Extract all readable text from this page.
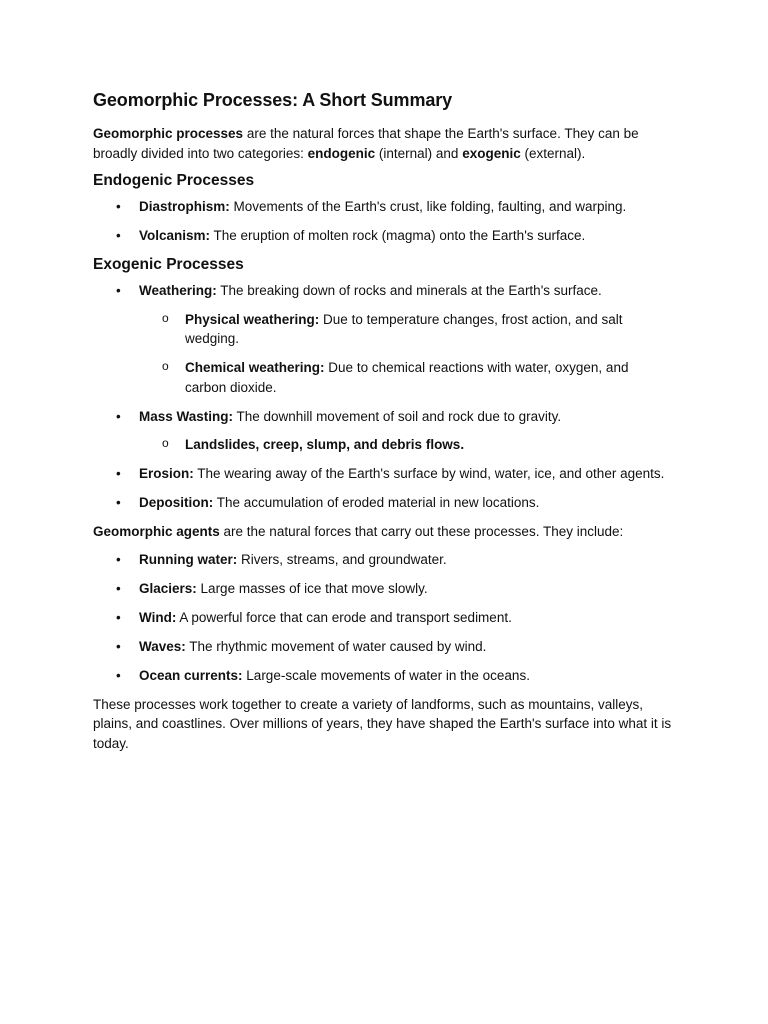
Geomorphic Processes: A Short Summary

Geomorphic processes are the natural forces that shape the Earth's surface. They can be broadly divided into two categories: endogenic (internal) and exogenic (external).

Endogenic Processes
•	Diastrophism: Movements of the Earth's crust, like folding, faulting, and warping.
•	Volcanism: The eruption of molten rock (magma) onto the Earth's surface.
Exogenic Processes
•	Weathering: The breaking down of rocks and minerals at the Earth's surface.
o Physical weathering: Due to temperature changes, frost action, and salt wedging.
o Chemical weathering: Due to chemical reactions with water, oxygen, and carbon dioxide.
•	Mass Wasting: The downhill movement of soil and rock due to gravity.
o Landslides, creep, slump, and debris flows.
•	Erosion: The wearing away of the Earth's surface by wind, water, ice, and other agents.
•	Deposition: The accumulation of eroded material in new locations.

Geomorphic agents are the natural forces that carry out these processes. They include:

•	Running water: Rivers, streams, and groundwater.
•	Glaciers: Large masses of ice that move slowly.
•	Wind: A powerful force that can erode and transport sediment.
•	Waves: The rhythmic movement of water caused by wind.
•	Ocean currents: Large-scale movements of water in the oceans.

These processes work together to create a variety of landforms, such as mountains, valleys, plains, and coastlines. Over millions of years, they have shaped the Earth's surface into what it is today.
